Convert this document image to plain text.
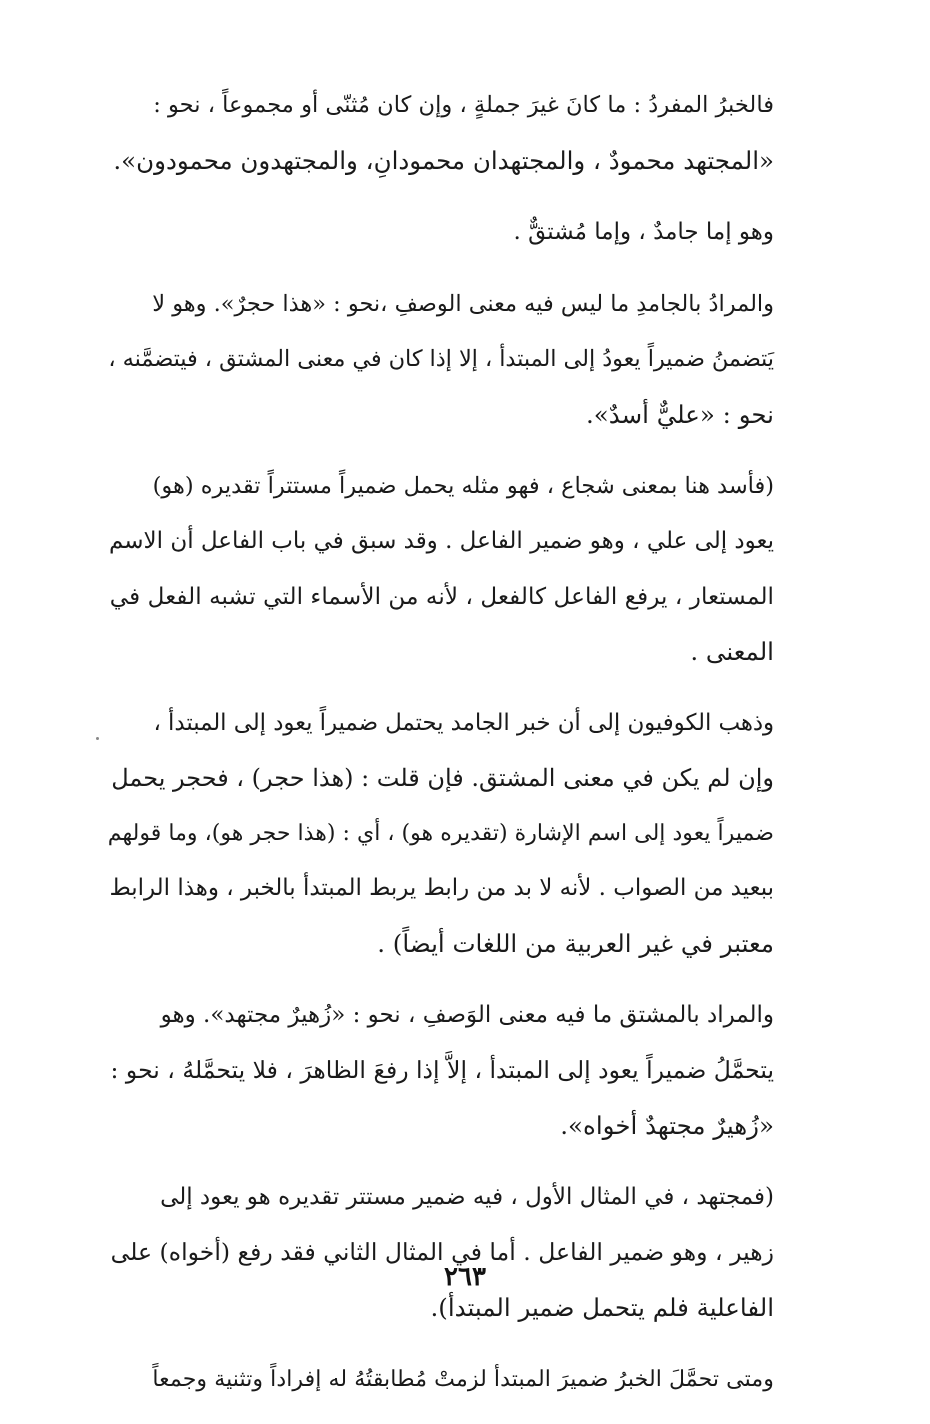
فالخبرُ المفردُ : ما كانَ غيرَ جملةٍ ، وإن كان مُثنّى أو مجموعاً ، نحو :
«المجتهد محمودٌ ، والمجتهدان محمودانِ، والمجتهدون محمودون».

وهو إما جامدٌ ، وإما مُشتقٌّ .

والمرادُ بالجامدِ ما ليس فيه معنى الوصفِ ،نحو : «هذا حجرٌ». وهو لا
يَتضمنُ ضميراً يعودُ إلى المبتدأ ، إلا إذا كان في معنى المشتق ، فيتضمَّنه ،
نحو : «عليٌّ أسدٌ».

(فأسد هنا بمعنى شجاع ، فهو مثله يحمل ضميراً مستتراً تقديره (هو)
يعود إلى علي ، وهو ضمير الفاعل . وقد سبق في باب الفاعل أن الاسم
المستعار ، يرفع الفاعل كالفعل ، لأنه من الأسماء التي تشبه الفعل في
المعنى .

وذهب الكوفيون إلى أن خبر الجامد يحتمل ضميراً يعود إلى المبتدأ ،
وإن لم يكن في معنى المشتق. فإن قلت : (هذا حجر) ، فحجر يحمل
ضميراً يعود إلى اسم الإشارة (تقديره هو) ، أي : (هذا حجر هو)، وما قولهم
ببعيد من الصواب . لأنه لا بد من رابط يربط المبتدأ بالخبر ، وهذا الرابط
معتبر في غير العربية من اللغات أيضاً) .

والمراد بالمشتق ما فيه معنى الوَصفِ ، نحو : «زُهيرٌ مجتهد». وهو
يتحمَّلُ ضميراً يعود إلى المبتدأ ، إلاَّ إذا رفعَ الظاهرَ ، فلا يتحمَّلهُ ، نحو :
«زُهيرٌ مجتهدٌ أخواه».

(فمجتهد ، في المثال الأول ، فيه ضمير مستتر تقديره هو يعود إلى
زهير ، وهو ضمير الفاعل . أما في المثال الثاني فقد رفع (أخواه) على
الفاعلية فلم يتحمل ضمير المبتدأ).

ومتى تحمَّلَ الخبرُ ضميرَ المبتدأ لزمتْ مُطابقتُهُ له إفراداً وتثنية وجمعاً

٢٦٣
